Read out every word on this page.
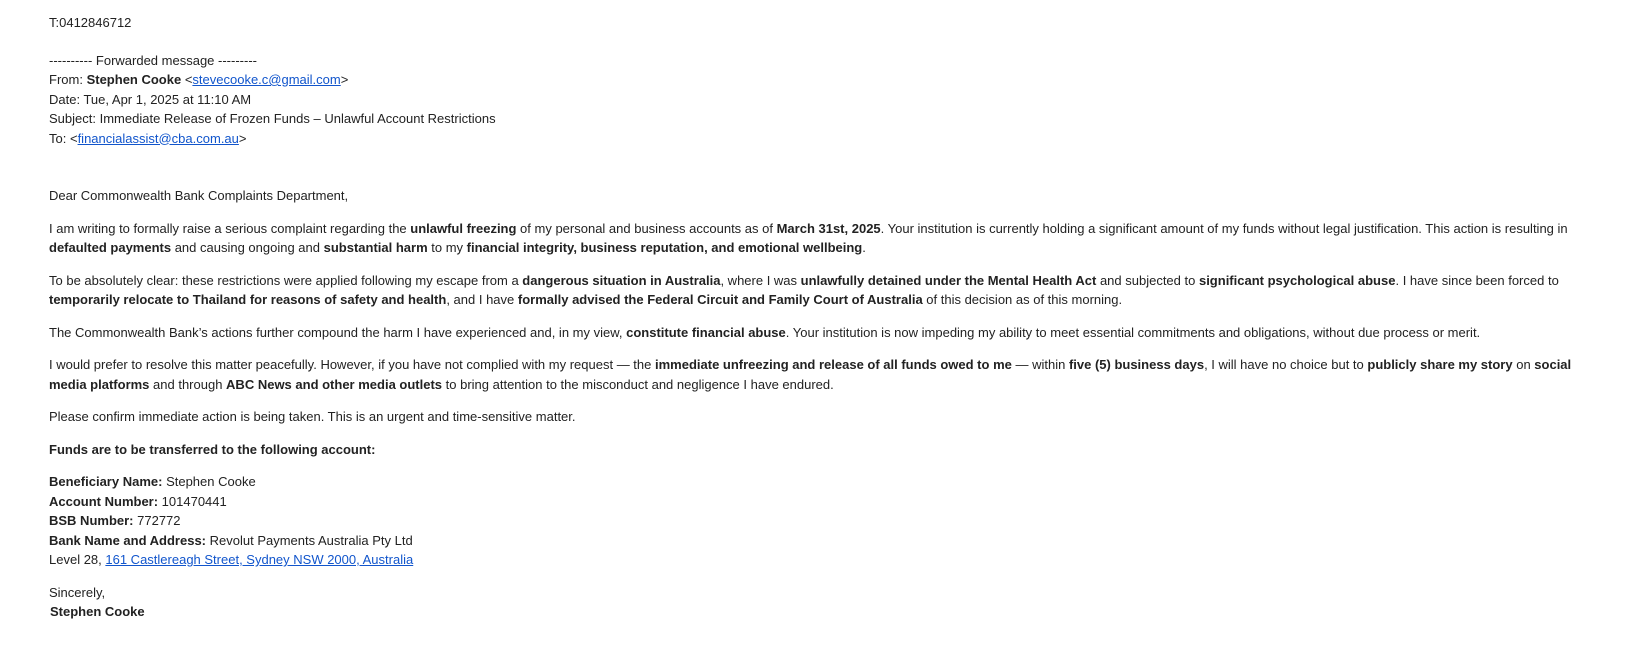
T:0412846712
---------- Forwarded message ---------
From: Stephen Cooke <stevecooke.c@gmail.com>
Date: Tue, Apr 1, 2025 at 11:10 AM
Subject: Immediate Release of Frozen Funds – Unlawful Account Restrictions
To: <financialassist@cba.com.au>
Dear Commonwealth Bank Complaints Department,
I am writing to formally raise a serious complaint regarding the unlawful freezing of my personal and business accounts as of March 31st, 2025. Your institution is currently holding a significant amount of my funds without legal justification. This action is resulting in defaulted payments and causing ongoing and substantial harm to my financial integrity, business reputation, and emotional wellbeing.
To be absolutely clear: these restrictions were applied following my escape from a dangerous situation in Australia, where I was unlawfully detained under the Mental Health Act and subjected to significant psychological abuse. I have since been forced to temporarily relocate to Thailand for reasons of safety and health, and I have formally advised the Federal Circuit and Family Court of Australia of this decision as of this morning.
The Commonwealth Bank’s actions further compound the harm I have experienced and, in my view, constitute financial abuse. Your institution is now impeding my ability to meet essential commitments and obligations, without due process or merit.
I would prefer to resolve this matter peacefully. However, if you have not complied with my request — the immediate unfreezing and release of all funds owed to me — within five (5) business days, I will have no choice but to publicly share my story on social media platforms and through ABC News and other media outlets to bring attention to the misconduct and negligence I have endured.
Please confirm immediate action is being taken. This is an urgent and time-sensitive matter.
Funds are to be transferred to the following account:
Beneficiary Name: Stephen Cooke
Account Number: 101470441
BSB Number: 772772
Bank Name and Address: Revolut Payments Australia Pty Ltd
Level 28, 161 Castlereagh Street, Sydney NSW 2000, Australia
Sincerely,
Stephen Cooke
